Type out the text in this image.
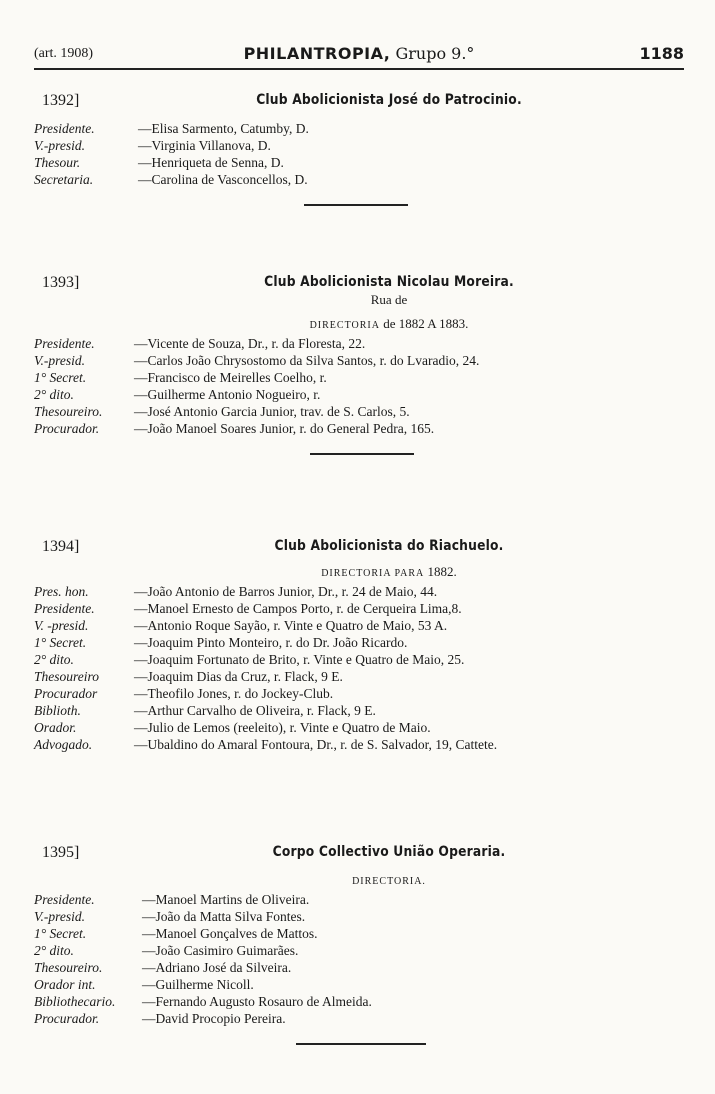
(art. 1908)	PHILANTROPIA, Grupo 9.°	1188
1392]	Club Abolicionista José do Patrocinio.
Presidente.	—Elisa Sarmento, Catumby, D.
V.-presid.	—Virginia Villanova, D.
Thesour.	—Henriqueta de Senna, D.
Secretaria.	—Carolina de Vasconcellos, D.
1393]	Club Abolicionista Nicolau Moreira.
Rua de
DIRECTORIA de 1882 A 1883.
Presidente.	—Vicente de Souza, Dr., r. da Floresta, 22.
V.-presid.	—Carlos João Chrysostomo da Silva Santos, r. do Lvaradio, 24.
1° Secret.	—Francisco de Meirelles Coelho, r.
2° dito.	—Guilherme Antonio Nogueiro, r.
Thesoureiro.	—José Antonio Garcia Junior, trav. de S. Carlos, 5.
Procurador.	—João Manoel Soares Junior, r. do General Pedra, 165.
1394]	Club Abolicionista do Riachuelo.
DIRECTORIA PARA 1882.
Pres. hon.	—João Antonio de Barros Junior, Dr., r. 24 de Maio, 44.
Presidente.	—Manoel Ernesto de Campos Porto, r. de Cerqueira Lima,8.
V. -presid.	—Antonio Roque Sayão, r. Vinte e Quatro de Maio, 53 A.
1° Secret.	—Joaquim Pinto Monteiro, r. do Dr. João Ricardo.
2° dito.	—Joaquim Fortunato de Brito, r. Vinte e Quatro de Maio, 25.
Thesoureiro	—Joaquim Dias da Cruz, r. Flack, 9 E.
Procurador	—Theofilo Jones, r. do Jockey-Club.
Biblioth.	—Arthur Carvalho de Oliveira, r. Flack, 9 E.
Orador.	—Julio de Lemos (reeleito), r. Vinte e Quatro de Maio.
Advogado.	—Ubaldino do Amaral Fontoura, Dr., r. de S. Salvador, 19, Cattete.
1395]	Corpo Collectivo União Operaria.
DIRECTORIA.
Presidente.	—Manoel Martins de Oliveira.
V.-presid.	—João da Matta Silva Fontes.
1° Secret.	—Manoel Gonçalves de Mattos.
2° dito.	—João Casimiro Guimarães.
Thesoureiro.	—Adriano José da Silveira.
Orador int.	—Guilherme Nicoll.
Bibliothecario.	—Fernando Augusto Rosauro de Almeida.
Procurador.	—David Procopio Pereira.
